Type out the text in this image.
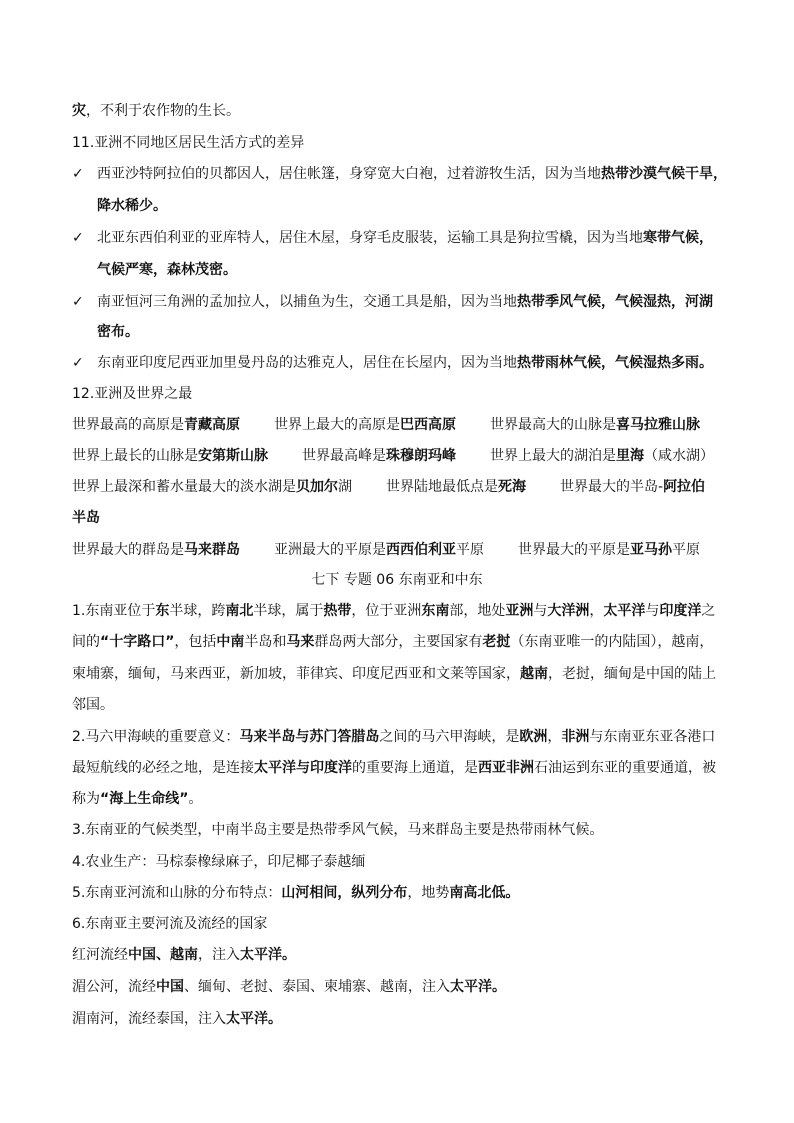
灾，不利于农作物的生长。
11.亚洲不同地区居民生活方式的差异
✓ 西亚沙特阿拉伯的贝都因人，居住帐篷，身穿宽大白袍，过着游牧生活，因为当地热带沙漠气候干旱，
降水稀少。
✓ 北亚东西伯利亚的亚库特人，居住木屋，身穿毛皮服装，运输工具是狗拉雪橇，因为当地寒带气候，
气候严寒，森林茂密。
✓ 南亚恒河三角洲的孟加拉人，以捕鱼为生，交通工具是船，因为当地热带季风气候，气候湿热，河湖
密布。
✓ 东南亚印度尼西亚加里曼丹岛的达雅克人，居住在长屋内，因为当地热带雨林气候，气候湿热多雨。
12.亚洲及世界之最
世界最高的高原是青藏高原 世界上最大的高原是巴西高原 世界最高大的山脉是喜马拉雅山脉
世界上最长的山脉是安第斯山脉 世界最高峰是珠穆朗玛峰 世界上最大的湖泊是里海（咸水湖）
世界上最深和蓄水量最大的淡水湖是贝加尔湖 世界陆地最低点是死海 世界最大的半岛-阿拉伯
半岛
世界最大的群岛是马来群岛 亚洲最大的平原是西西伯利亚平原 世界最大的平原是亚马孙平原
七下 专题 06 东南亚和中东
1.东南亚位于东半球，跨南北半球，属于热带，位于亚洲东南部，地处亚洲与大洋洲，太平洋与印度洋之
间的“十字路口”，包括中南半岛和马来群岛两大部分，主要国家有老挝（东南亚唯一的内陆国），越南，
柬埔寨，缅甸，马来西亚，新加坡，菲律宾、印度尼西亚和文莱等国家，越南，老挝，缅甸是中国的陆上
邻国。
2.马六甲海峡的重要意义：马来半岛与苏门答腊岛之间的马六甲海峡，是欧洲，非洲与东南亚东亚各港口
最短航线的必经之地，是连接太平洋与印度洋的重要海上通道，是西亚非洲石油运到东亚的重要通道，被
称为“海上生命线”。
3.东南亚的气候类型，中南半岛主要是热带季风气候，马来群岛主要是热带雨林气候。
4.农业生产：马棕泰橡绿麻子，印尼椰子泰越缅
5.东南亚河流和山脉的分布特点：山河相间，纵列分布，地势南高北低。
6.东南亚主要河流及流经的国家
红河流经中国、越南，注入太平洋。
湄公河，流经中国、缅甸、老挝、泰国、柬埔寨、越南，注入太平洋。
湄南河，流经泰国，注入太平洋。
